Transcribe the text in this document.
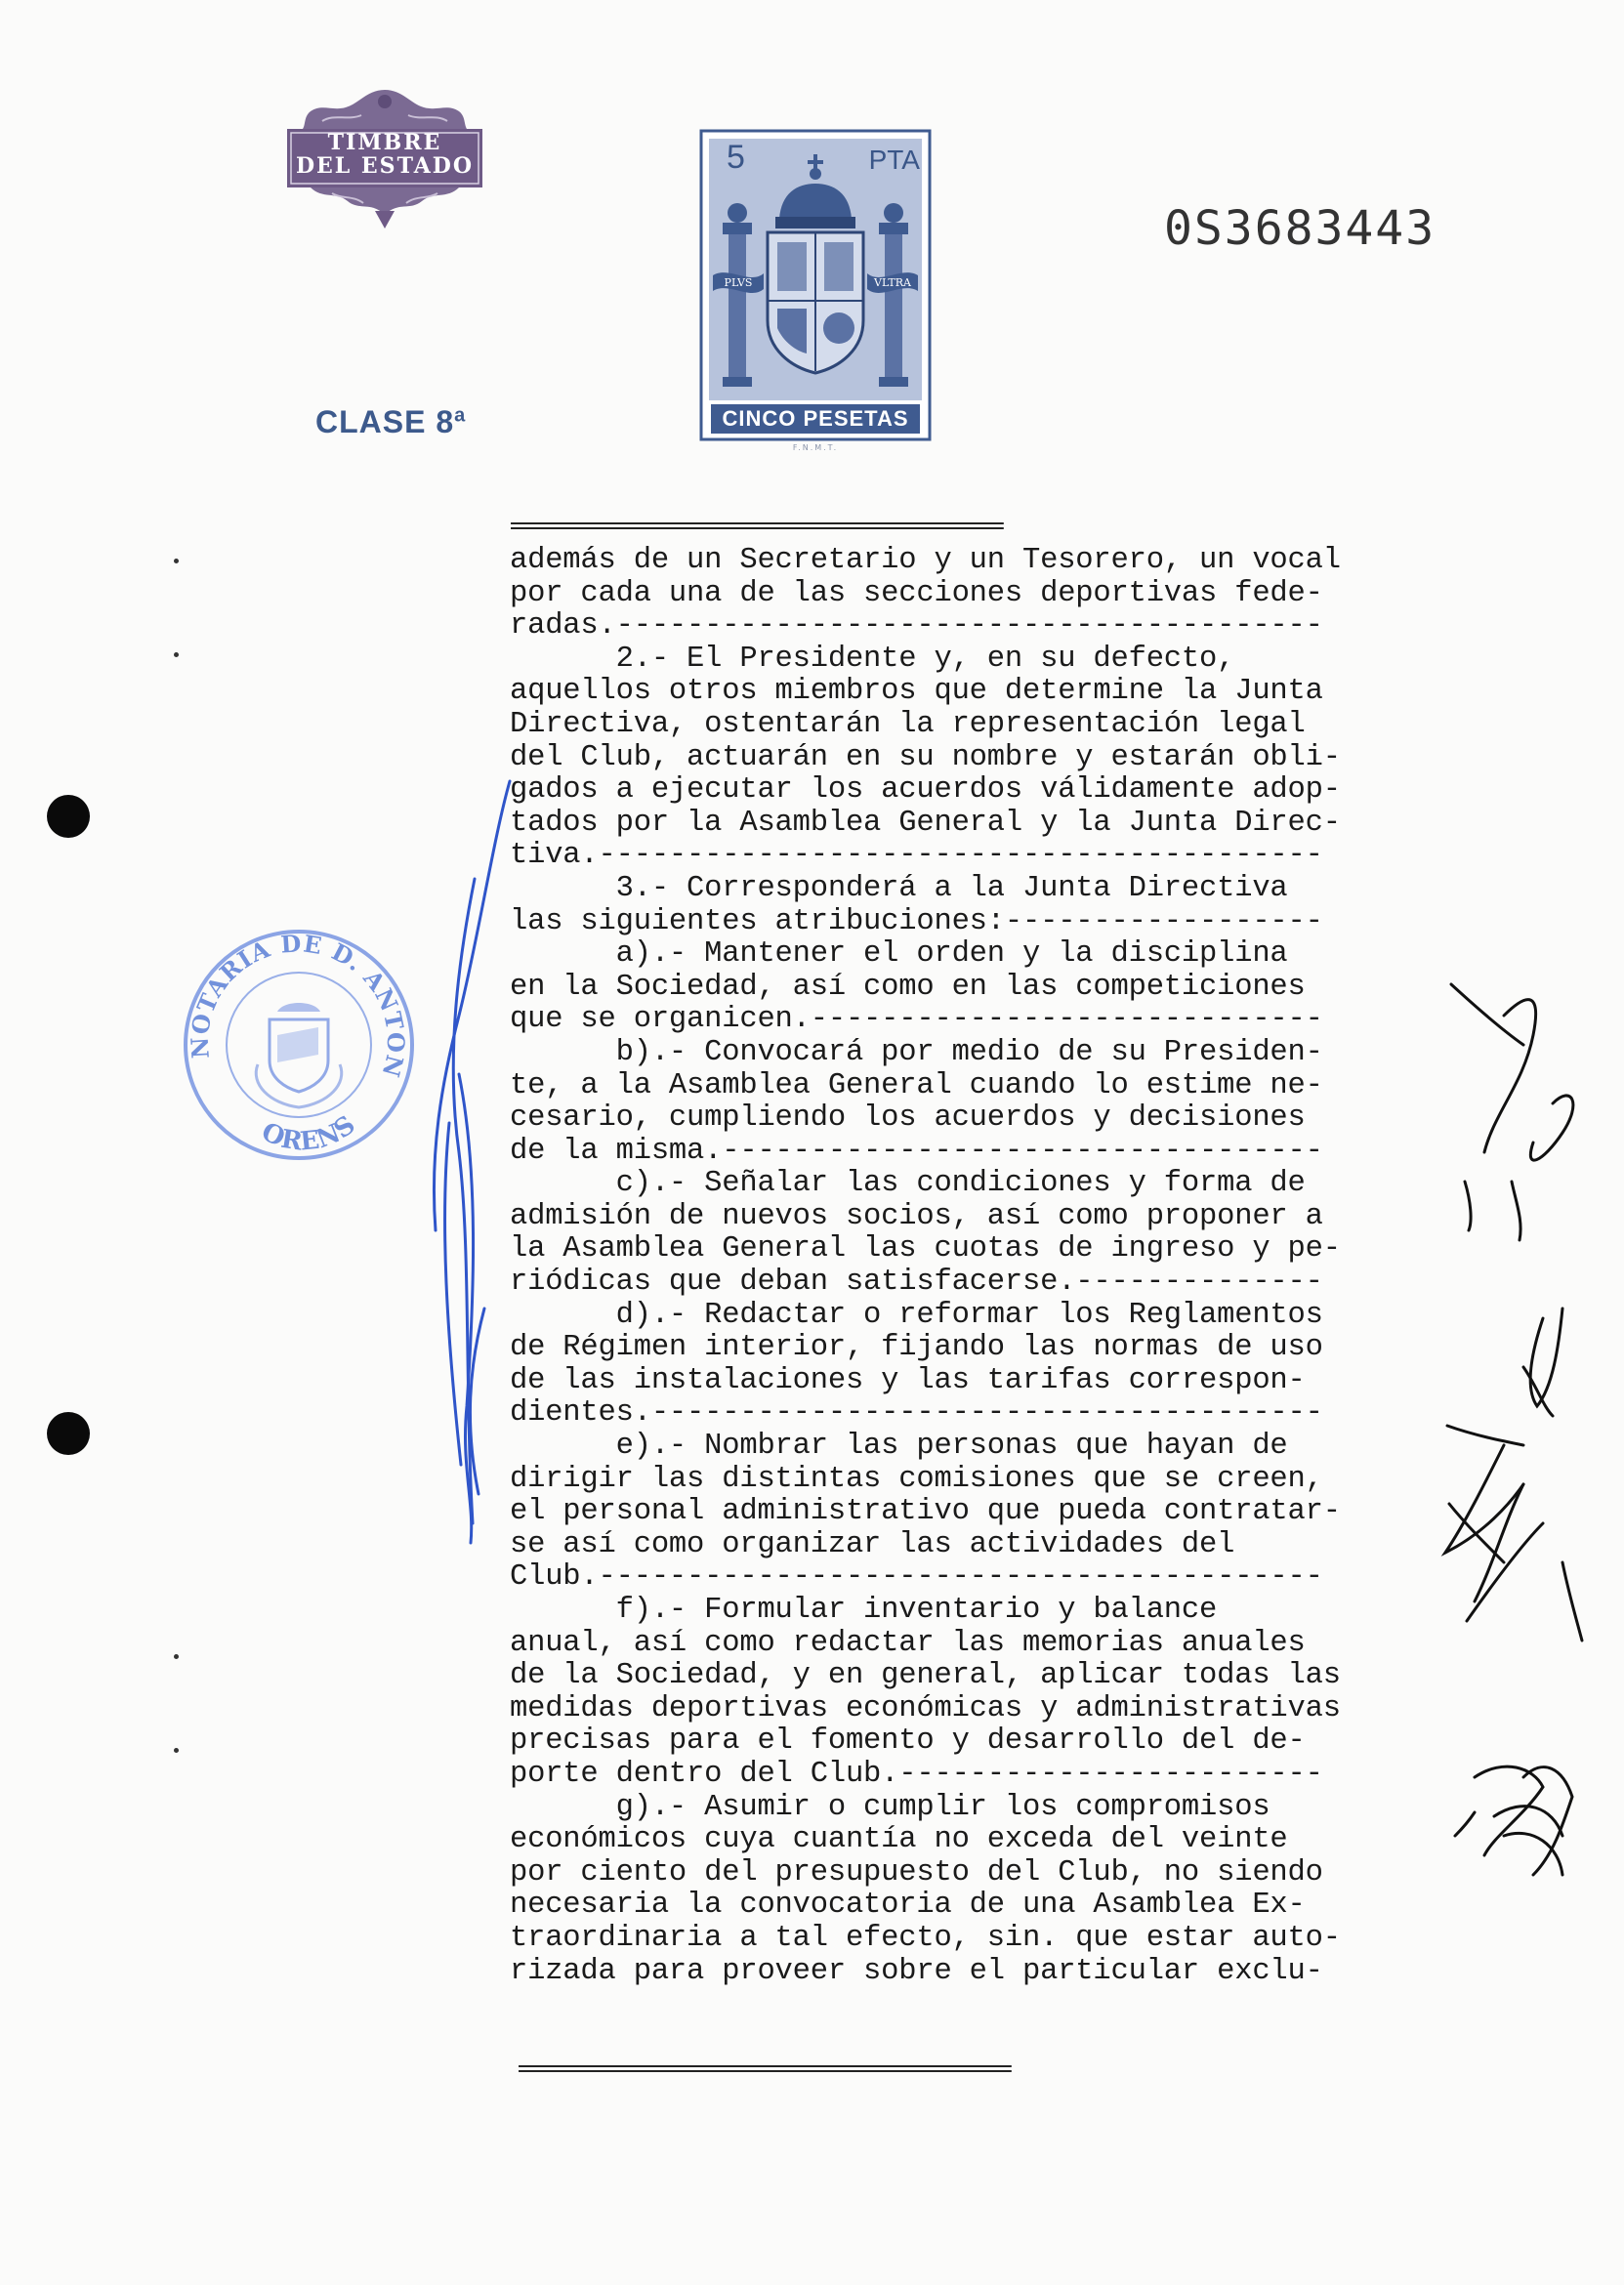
TIMBRE
DEL ESTADO
CLASE 8$^a$
PLVS	VLTRA
5	PTA
CINCO PESETAS
F.N.M.T.
0S3683443
==================================================
==================================================
además de un Secretario y un Tesorero, un vocal
por cada una de las secciones deportivas fede-
radas.----------------------------------------
2.- El Presidente y, en su defecto,
aquellos otros miembros que determine la Junta
Directiva, ostentarán la representación legal
del Club, actuarán en su nombre y estarán obli-
gados a ejecutar los acuerdos válidamente adop-
tados por la Asamblea General y la Junta Direc-
tiva.-----------------------------------------
3.- Corresponderá a la Junta Directiva
las siguientes atribuciones:------------------
a).- Mantener el orden y la disciplina
en la Sociedad, así como en las competiciones
que se organicen.-----------------------------
b).- Convocará por medio de su Presiden-
te, a la Asamblea General cuando lo estime ne-
cesario, cumpliendo los acuerdos y decisiones
de la misma.----------------------------------
c).- Señalar las condiciones y forma de
admisión de nuevos socios, así como proponer a
la Asamblea General las cuotas de ingreso y pe-
riódicas que deban satisfacerse.--------------
d).- Redactar o reformar los Reglamentos
de Régimen interior, fijando las normas de uso
de las instalaciones y las tarifas correspon-
dientes.--------------------------------------
e).- Nombrar las personas que hayan de
dirigir las distintas comisiones que se creen,
el personal administrativo que pueda contratar-
se así como organizar las actividades del
Club.-----------------------------------------
f).- Formular inventario y balance
anual, así como redactar las memorias anuales
de la Sociedad, y en general, aplicar todas las
medidas deportivas económicas y administrativas
precisas para el fomento y desarrollo del de-
porte dentro del Club.------------------------
g).- Asumir o cumplir los compromisos
económicos cuya cuantía no exceda del veinte
por ciento del presupuesto del Club, no siendo
necesaria la convocatoria de una Asamblea Ex-
traordinaria a tal efecto, sin. que estar auto-
rizada para proveer sobre el particular exclu-
NOTARIA DE D. ANTON
ORENS
